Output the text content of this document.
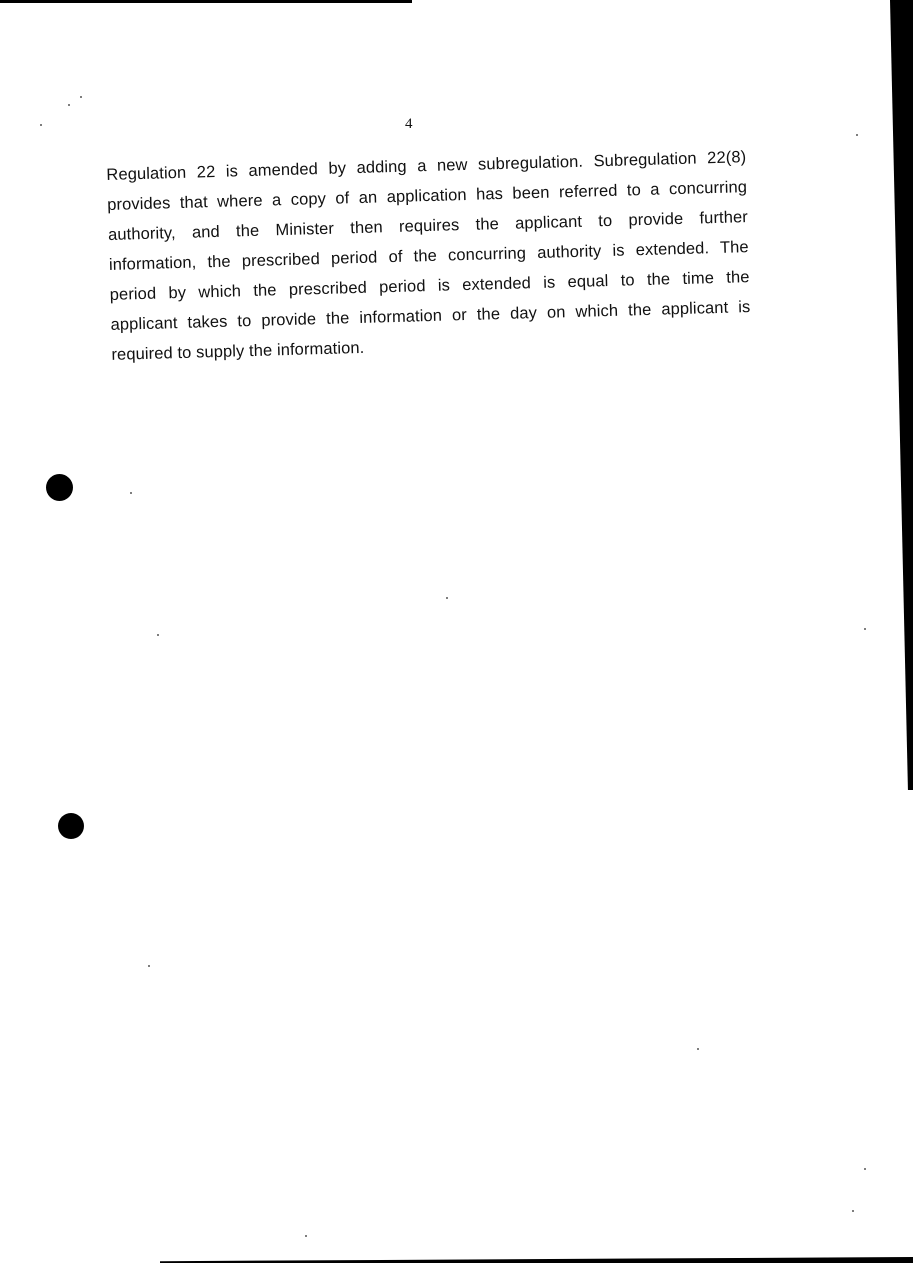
4
Regulation 22 is amended by adding a new subregulation. Subregulation 22(8)
provides that where a copy of an application has been referred to a concurring
authority, and the Minister then requires the applicant to provide further
information, the prescribed period of the concurring authority is extended. The
period by which the prescribed period is extended is equal to the time the
applicant takes to provide the information or the day on which the applicant is
required to supply the information.
